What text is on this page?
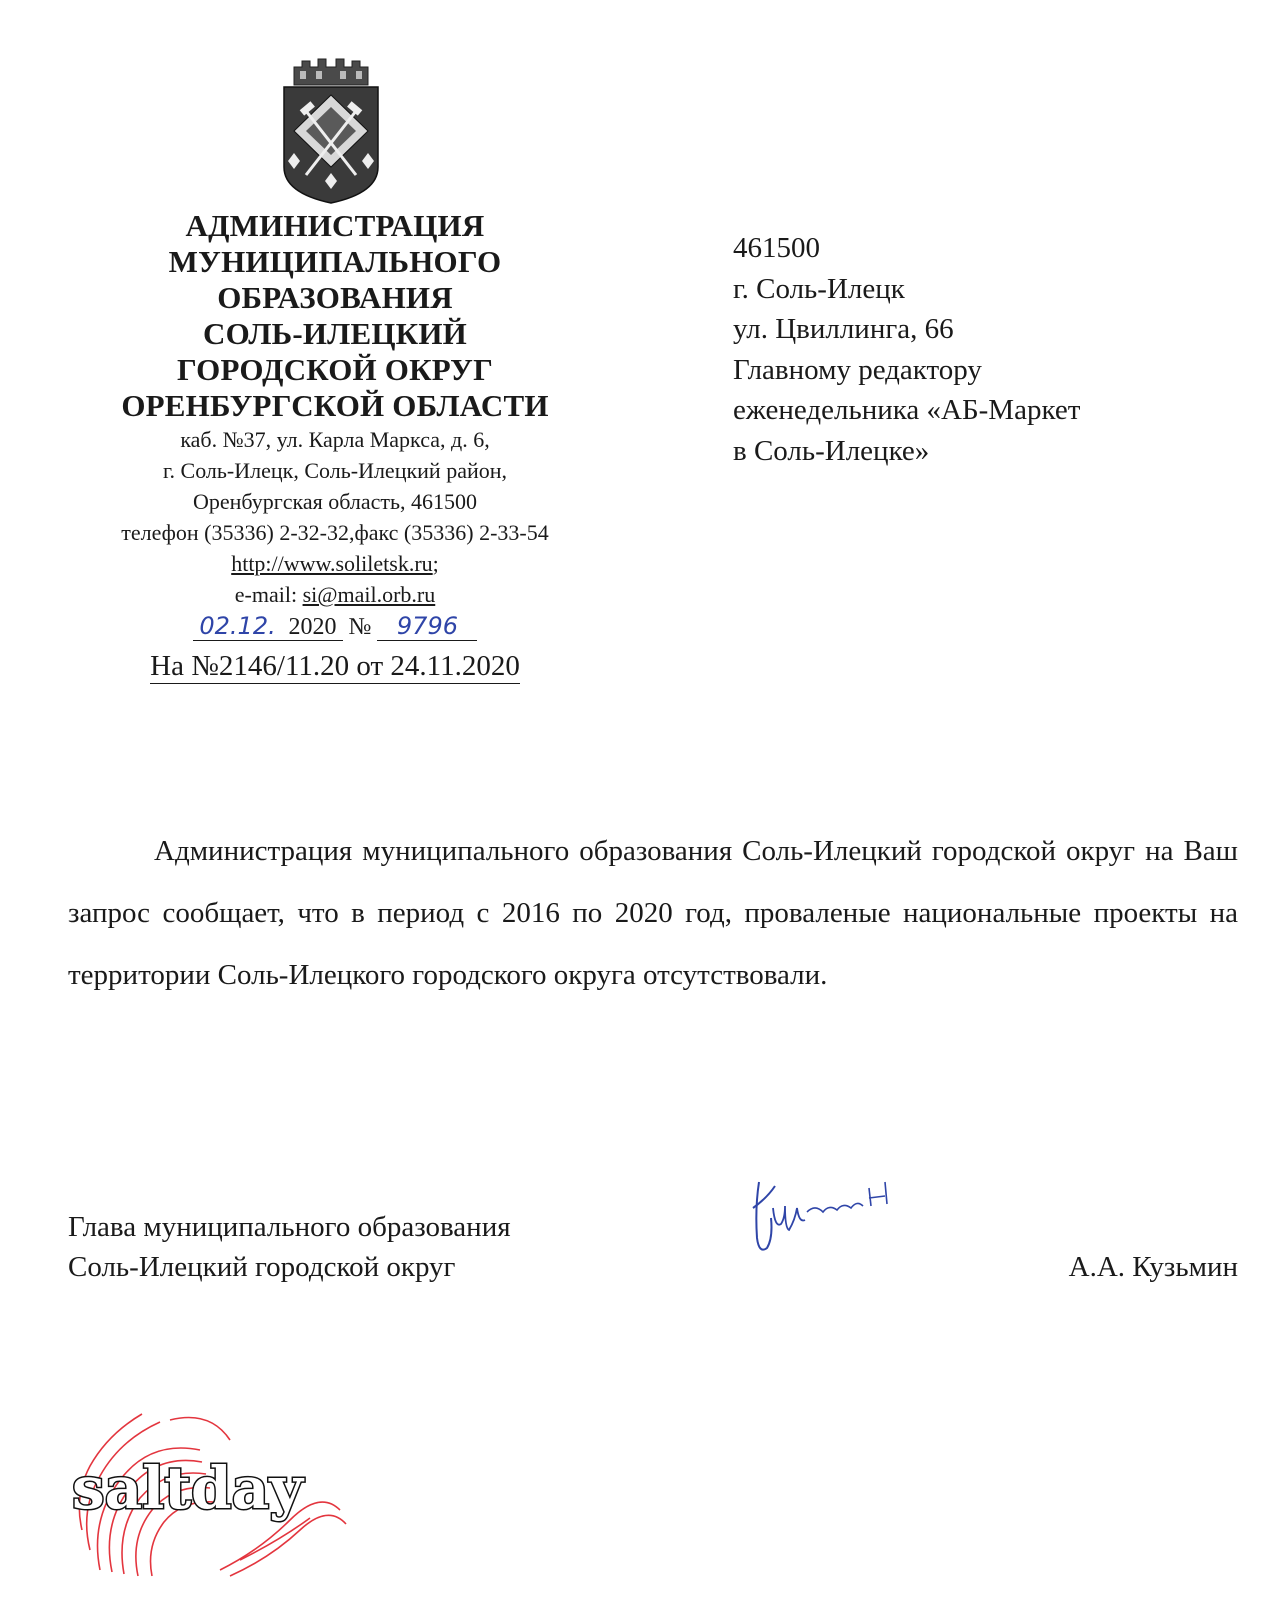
АДМИНИСТРАЦИЯ
МУНИЦИПАЛЬНОГО
ОБРАЗОВАНИЯ
СОЛЬ-ИЛЕЦКИЙ
ГОРОДСКОЙ ОКРУГ
ОРЕНБУРГСКОЙ ОБЛАСТИ
каб. №37, ул. Карла Маркса, д. 6,
г. Соль-Илецк, Соль-Илецкий район,
Оренбургская область, 461500
телефон (35336) 2-32-32,факс (35336) 2-33-54
http://www.soliletsk.ru;
e-mail: si@mail.orb.ru
02.12. 2020 № 9796
На №2146/11.20 от 24.11.2020
461500
г. Соль-Илецк
ул. Цвиллинга, 66
Главному редактору
еженедельника «АБ-Маркет
в Соль-Илецке»
Администрация муниципального образования Соль-Илецкий городской округ на Ваш запрос сообщает, что в период с 2016 по 2020 год, проваленые национальные проекты на территории Соль-Илецкого городского округа отсутствовали.
Глава муниципального образования
Соль-Илецкий городской округ	А.А. Кузьмин
saltday
